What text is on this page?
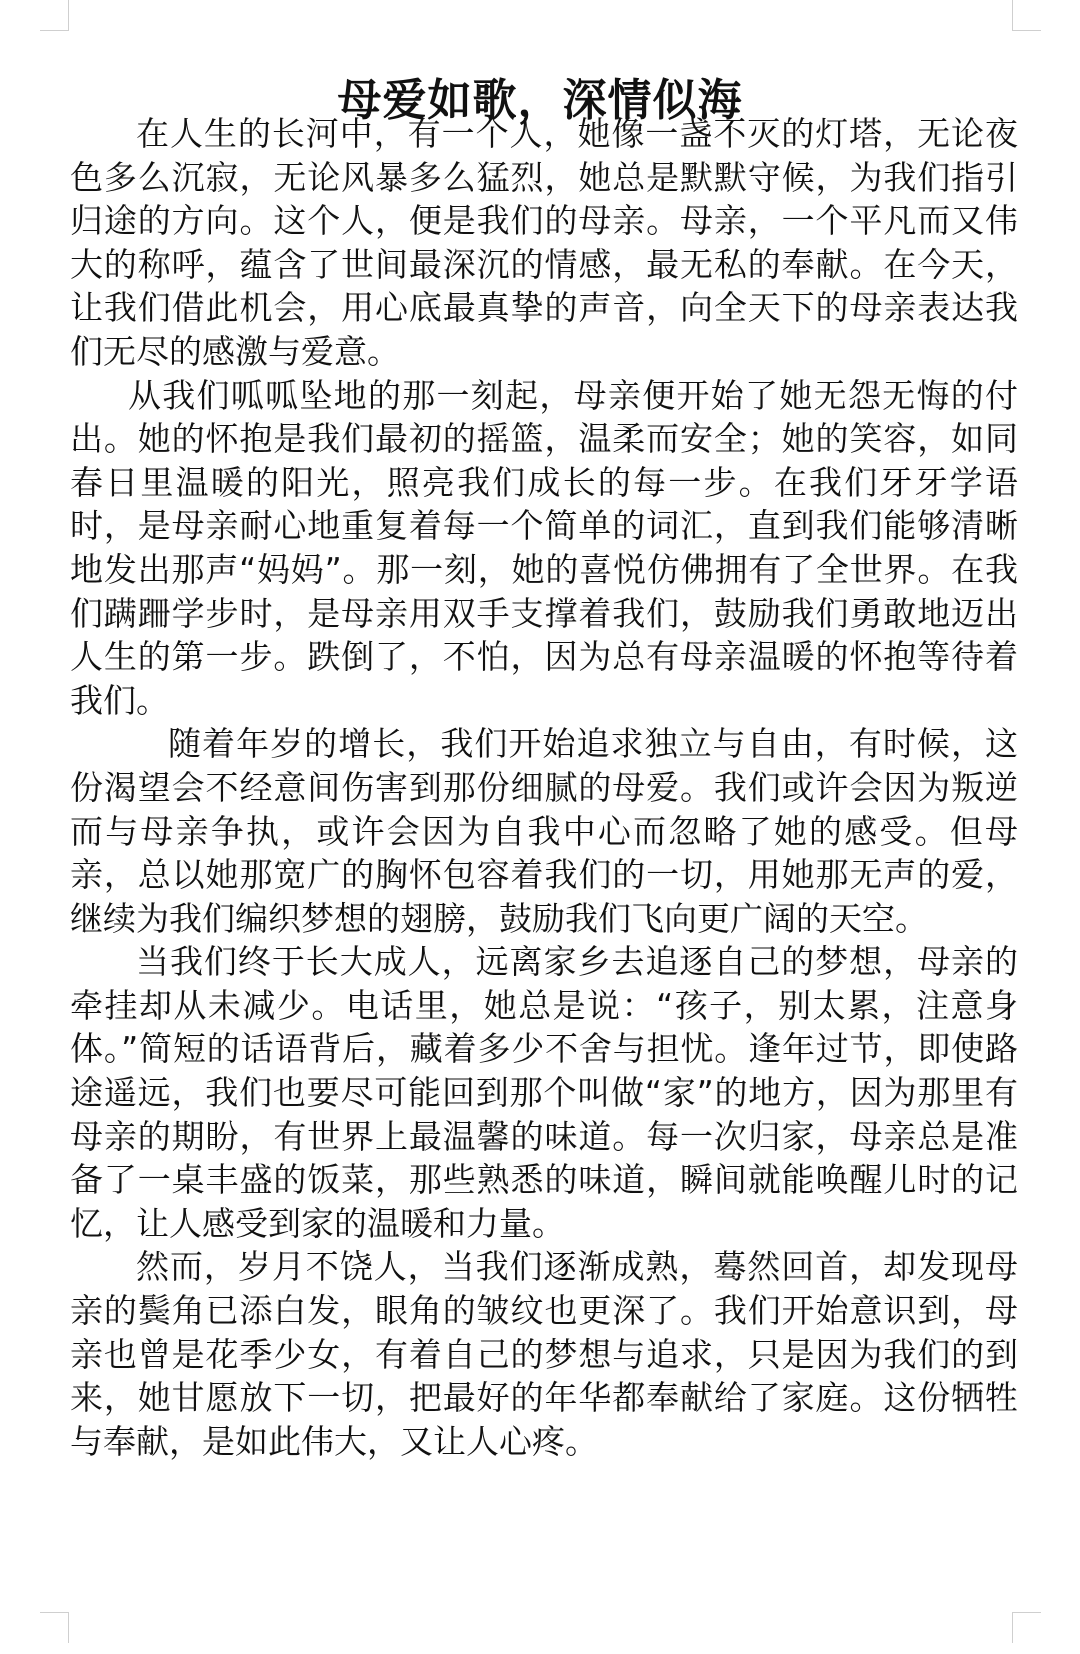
母爱如歌，深情似海

在人生的长河中，有一个人，她像一盏不灭的灯塔，无论夜色多么沉寂，无论风暴多么猛烈，她总是默默守候，为我们指引归途的方向。这个人，便是我们的母亲。母亲，一个平凡而又伟大的称呼，蕴含了世间最深沉的情感，最无私的奉献。在今天，让我们借此机会，用心底最真挚的声音，向全天下的母亲表达我们无尽的感激与爱意。

从我们呱呱坠地的那一刻起，母亲便开始了她无怨无悔的付出。她的怀抱是我们最初的摇篮，温柔而安全；她的笑容，如同春日里温暖的阳光，照亮我们成长的每一步。在我们牙牙学语时，是母亲耐心地重复着每一个简单的词汇，直到我们能够清晰地发出那声“妈妈”。那一刻，她的喜悦仿佛拥有了全世界。在我们蹒跚学步时，是母亲用双手支撑着我们，鼓励我们勇敢地迈出人生的第一步。跌倒了，不怕，因为总有母亲温暖的怀抱等待着我们。

随着年岁的增长，我们开始追求独立与自由，有时候，这份渴望会不经意间伤害到那份细腻的母爱。我们或许会因为叛逆而与母亲争执，或许会因为自我中心而忽略了她的感受。但母亲，总以她那宽广的胸怀包容着我们的一切，用她那无声的爱，继续为我们编织梦想的翅膀，鼓励我们飞向更广阔的天空。

当我们终于长大成人，远离家乡去追逐自己的梦想，母亲的牵挂却从未减少。电话里，她总是说：“孩子，别太累，注意身体。”简短的话语背后，藏着多少不舍与担忧。逢年过节，即使路途遥远，我们也要尽可能回到那个叫做“家”的地方，因为那里有母亲的期盼，有世界上最温馨的味道。每一次归家，母亲总是准备了一桌丰盛的饭菜，那些熟悉的味道，瞬间就能唤醒儿时的记忆，让人感受到家的温暖和力量。

然而，岁月不饶人，当我们逐渐成熟，蓦然回首，却发现母亲的鬓角已添白发，眼角的皱纹也更深了。我们开始意识到，母亲也曾是花季少女，有着自己的梦想与追求，只是因为我们的到来，她甘愿放下一切，把最好的年华都奉献给了家庭。这份牺牲与奉献，是如此伟大，又让人心疼。
